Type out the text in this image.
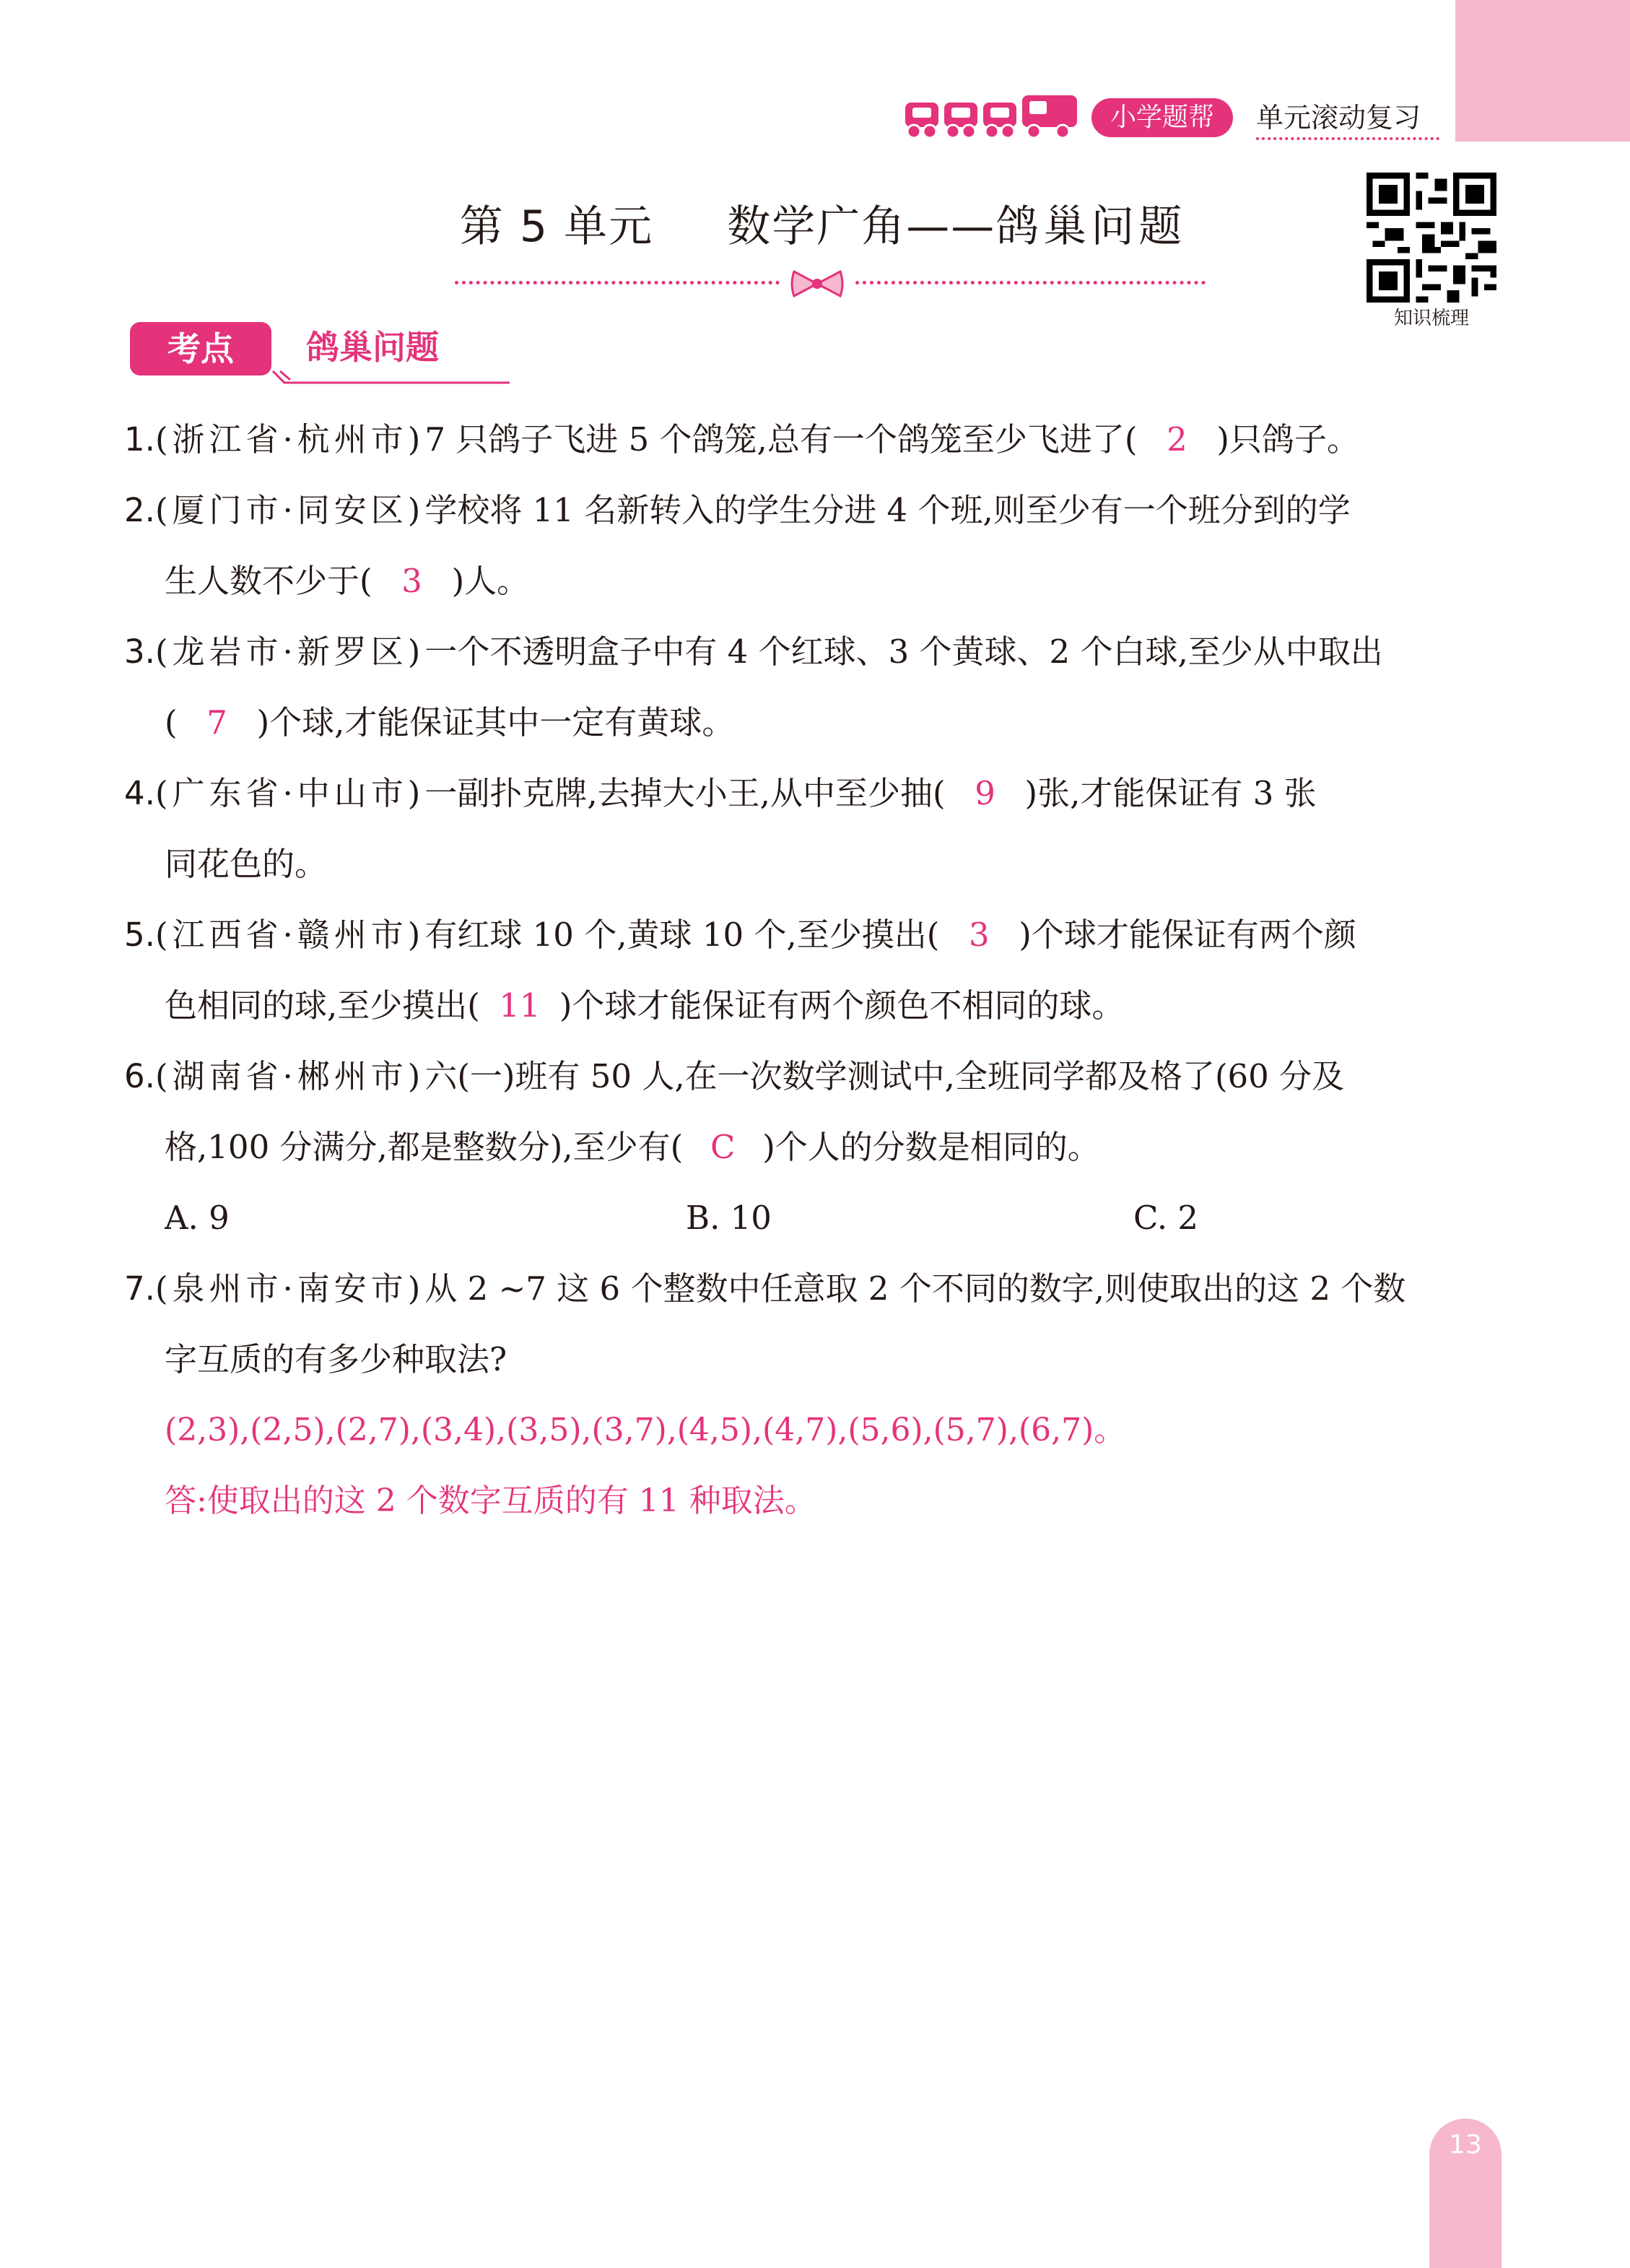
小学题帮	单元滚动复习
第 5 单元 数学广角——鸽巢问题
知识梳理
考点	鸽巢问题
1.(浙江省·杭州市)7 只鸽子飞进 5 个鸽笼,总有一个鸽笼至少飞进了( 2 )只鸽子。
2.(厦门市·同安区)学校将 11 名新转入的学生分进 4 个班,则至少有一个班分到的学
生人数不少于( 3 )人。
3.(龙岩市·新罗区)一个不透明盒子中有 4 个红球、3 个黄球、2 个白球,至少从中取出
( 7 )个球,才能保证其中一定有黄球。
4.(广东省·中山市)一副扑克牌,去掉大小王,从中至少抽( 9 )张,才能保证有 3 张
同花色的。
5.(江西省·赣州市)有红球 10 个,黄球 10 个,至少摸出( 3 )个球才能保证有两个颜
色相同的球,至少摸出( 11 )个球才能保证有两个颜色不相同的球。
6.(湖南省·郴州市)六(一)班有 50 人,在一次数学测试中,全班同学都及格了(60 分及
格,100 分满分,都是整数分),至少有( C )个人的分数是相同的。
A. 9	B. 10	C. 2
7.(泉州市·南安市)从 2 ~7 这 6 个整数中任意取 2 个不同的数字,则使取出的这 2 个数
字互质的有多少种取法?
(2,3),(2,5),(2,7),(3,4),(3,5),(3,7),(4,5),(4,7),(5,6),(5,7),(6,7)。
答:使取出的这 2 个数字互质的有 11 种取法。
13
